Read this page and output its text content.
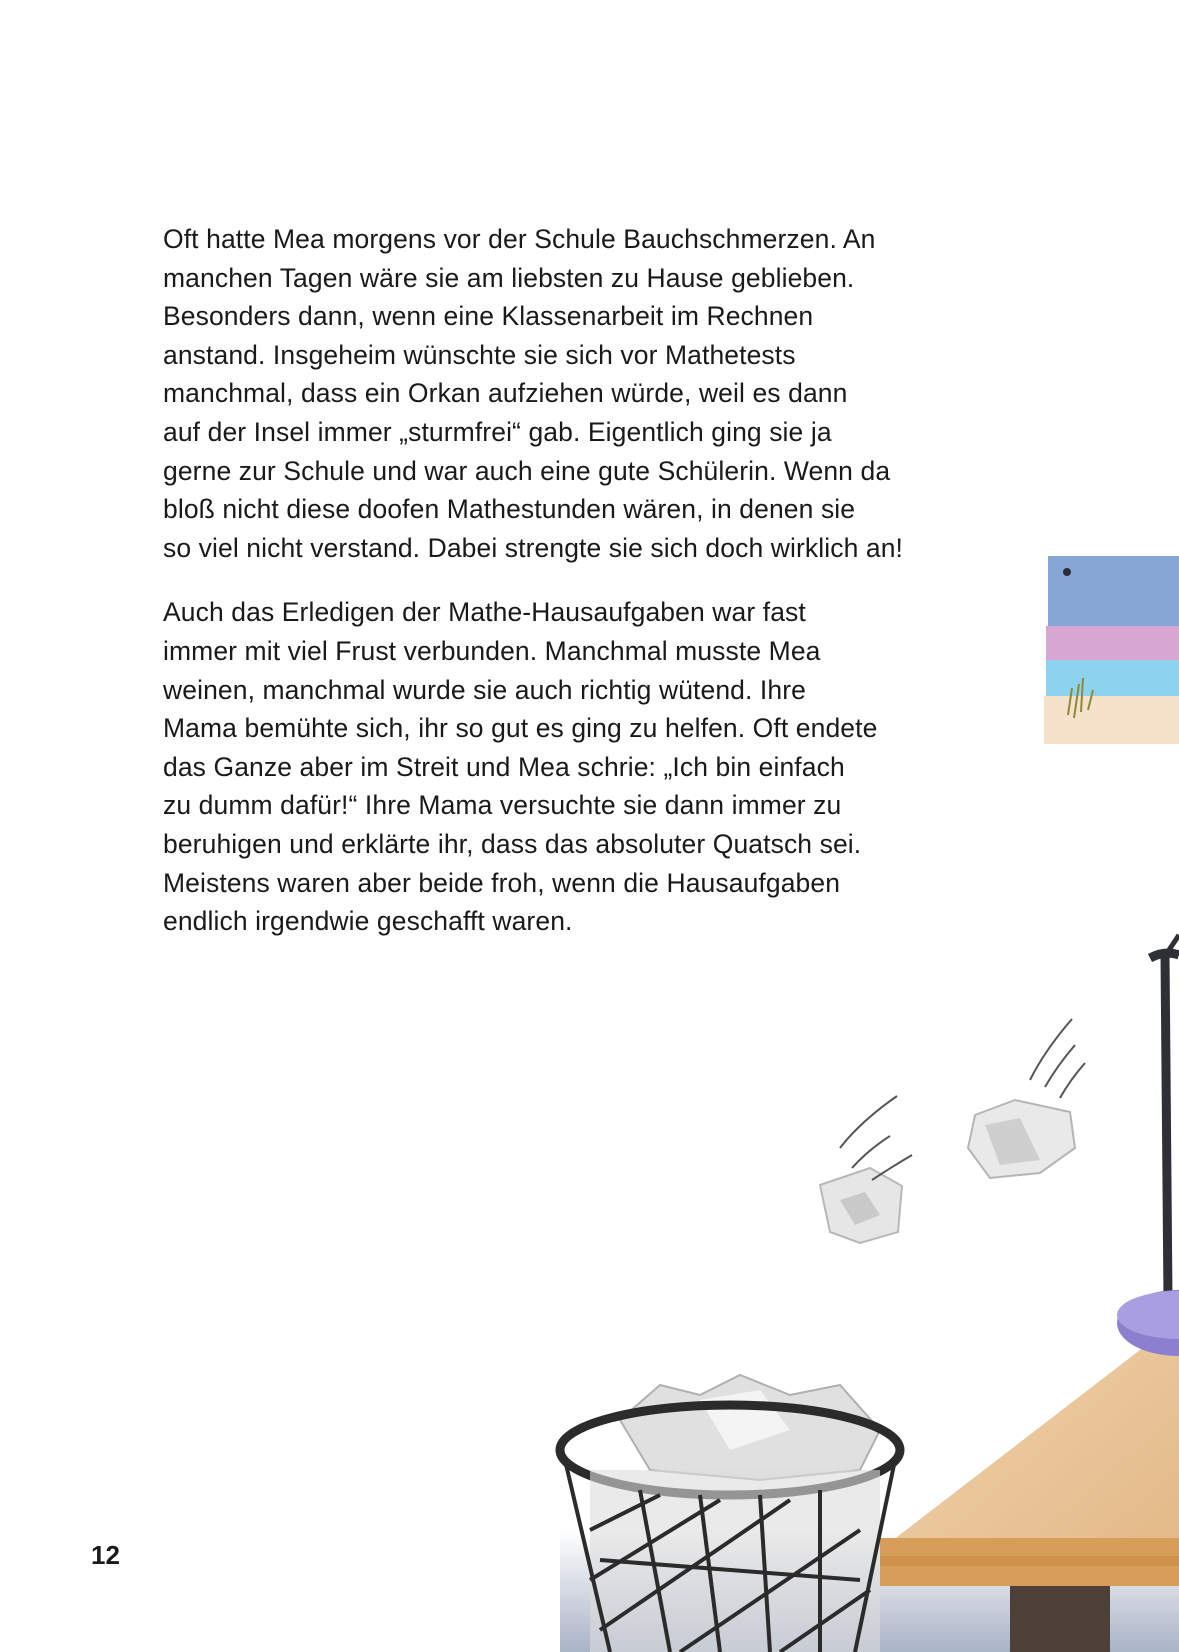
Oft hatte Mea morgens vor der Schule Bauchschmerzen. An

manchen Tagen wäre sie am liebsten zu Hause geblieben.

Besonders dann, wenn eine Klassenarbeit im Rechnen

anstand. Insgeheim wünschte sie sich vor Mathetests

manchmal, dass ein Orkan aufziehen würde, weil es dann

auf der Insel immer „sturmfrei“ gab. Eigentlich ging sie ja

gerne zur Schule und war auch eine gute Schülerin. Wenn da

bloß nicht diese doofen Mathestunden wären, in denen sie

so viel nicht verstand. Dabei strengte sie sich doch wirklich an!

Auch das Erledigen der Mathe-Hausaufgaben war fast

immer mit viel Frust verbunden. Manchmal musste Mea

weinen, manchmal wurde sie auch richtig wütend. Ihre

Mama bemühte sich, ihr so gut es ging zu helfen. Oft endete

das Ganze aber im Streit und Mea schrie: „Ich bin einfach

zu dumm dafür!“ Ihre Mama versuchte sie dann immer zu

beruhigen und erklärte ihr, dass das absoluter Quatsch sei.

Meistens waren aber beide froh, wenn die Hausaufgaben

endlich irgendwie geschafft waren.

12
